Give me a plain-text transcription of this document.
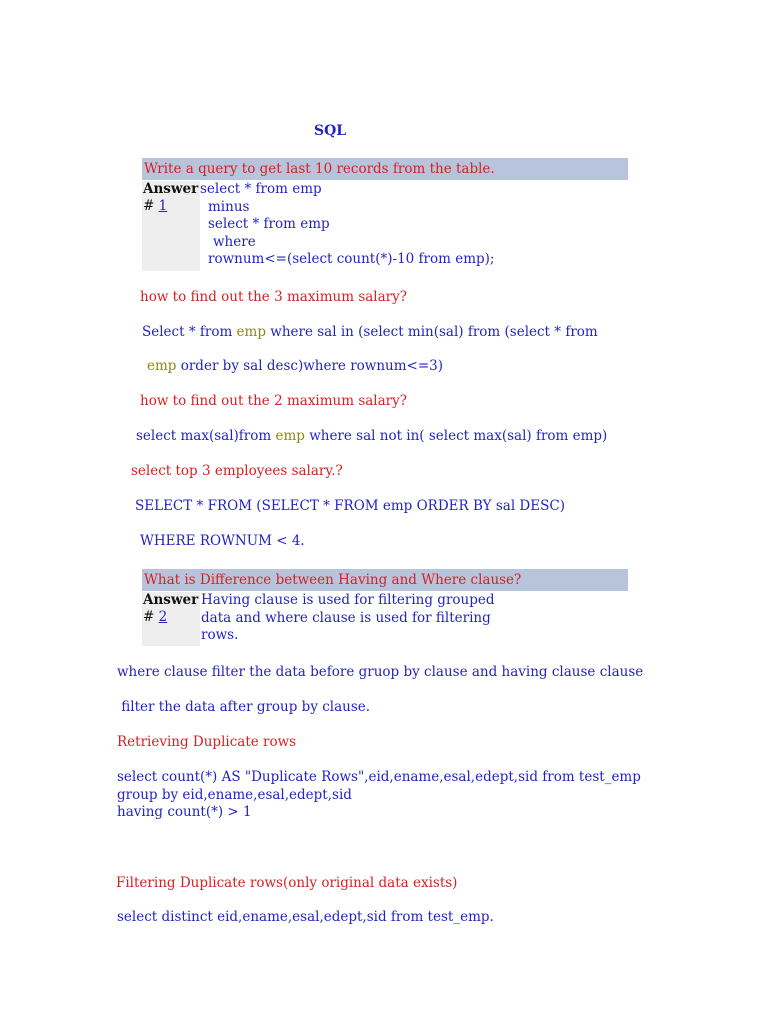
SQL
Write a query to get last 10 records from the table.
Answer
# 1
select * from emp
minus
select * from emp
where
rownum<=(select count(*)-10 from emp);
how to find out the 3 maximum salary?
Select * from emp where sal in (select min(sal) from (select * from
emp order by sal desc)where rownum<=3)
how to find out the 2 maximum salary?
select max(sal)from emp where sal not in( select max(sal) from emp)
select top 3 employees salary.?
SELECT * FROM (SELECT * FROM emp ORDER BY sal DESC)
WHERE ROWNUM < 4.
What is Difference between Having and Where clause?
Answer
# 2
Having clause is used for filtering grouped
data and where clause is used for filtering
rows.
where clause filter the data before gruop by clause and having clause clause
filter the data after group by clause.
Retrieving Duplicate rows
select count(*) AS "Duplicate Rows",eid,ename,esal,edept,sid from test_emp
group by eid,ename,esal,edept,sid
having count(*) > 1
Filtering Duplicate rows(only original data exists)
select distinct eid,ename,esal,edept,sid from test_emp.
